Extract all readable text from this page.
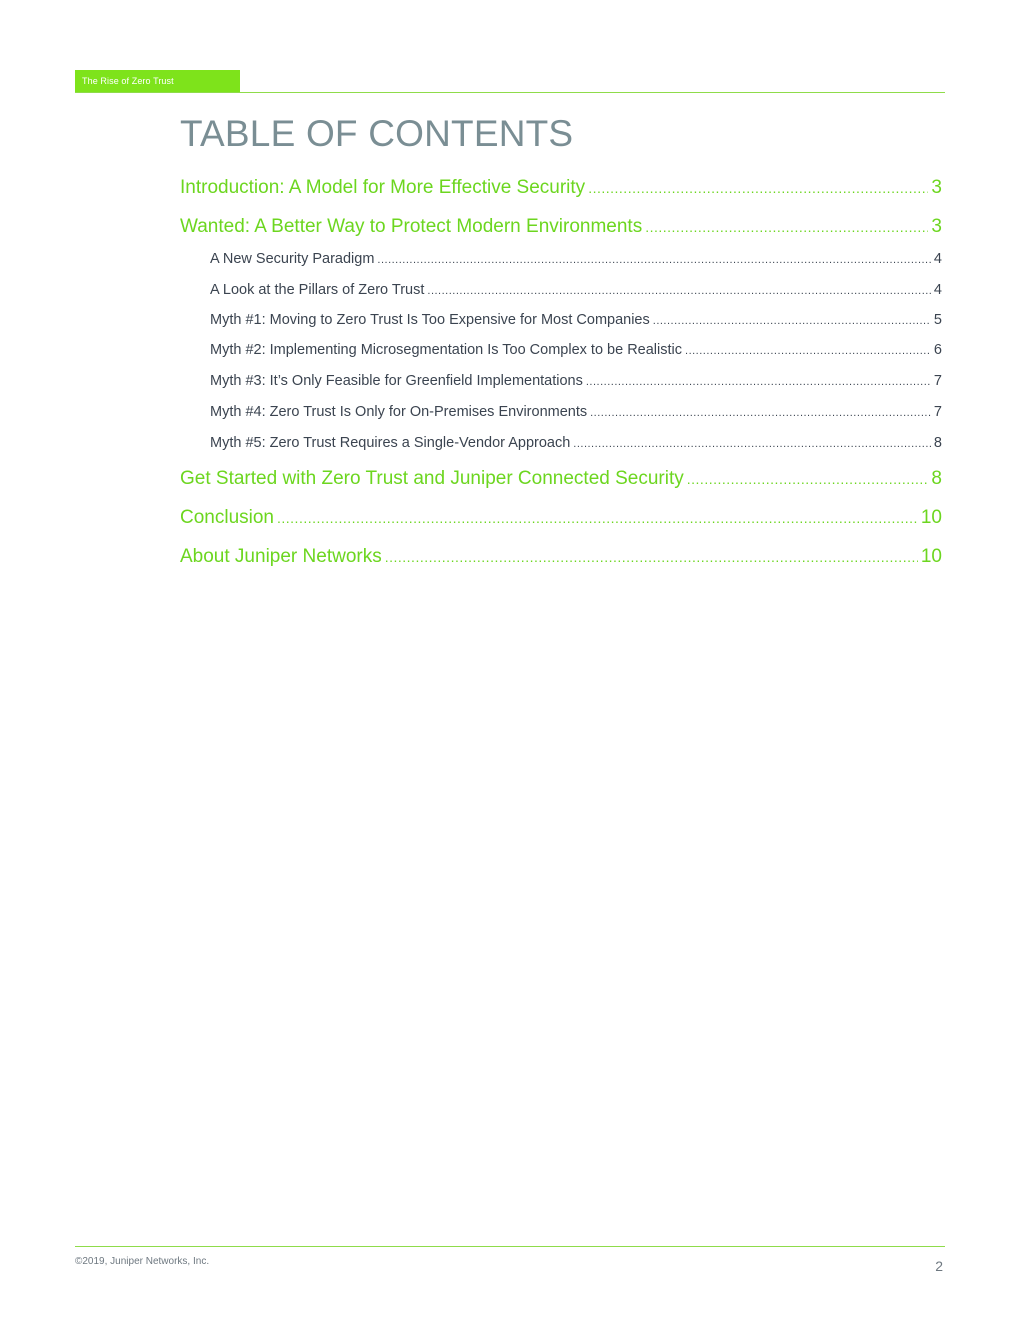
The Rise of Zero Trust
TABLE OF CONTENTS
Introduction: A Model for More Effective Security .....	3
Wanted: A Better Way to Protect Modern Environments .....	3
A New Security Paradigm .....	4
A Look at the Pillars of Zero Trust .....	4
Myth #1: Moving to Zero Trust Is Too Expensive for Most Companies .....	5
Myth #2: Implementing Microsegmentation Is Too Complex to be Realistic .....	6
Myth #3: It’s Only Feasible for Greenfield Implementations .....	7
Myth #4: Zero Trust Is Only for On-Premises Environments .....	7
Myth #5: Zero Trust Requires a Single-Vendor Approach .....	8
Get Started with Zero Trust and Juniper Connected Security .....	8
Conclusion .....	10
About Juniper Networks .....	10
©2019, Juniper Networks, Inc.	2
